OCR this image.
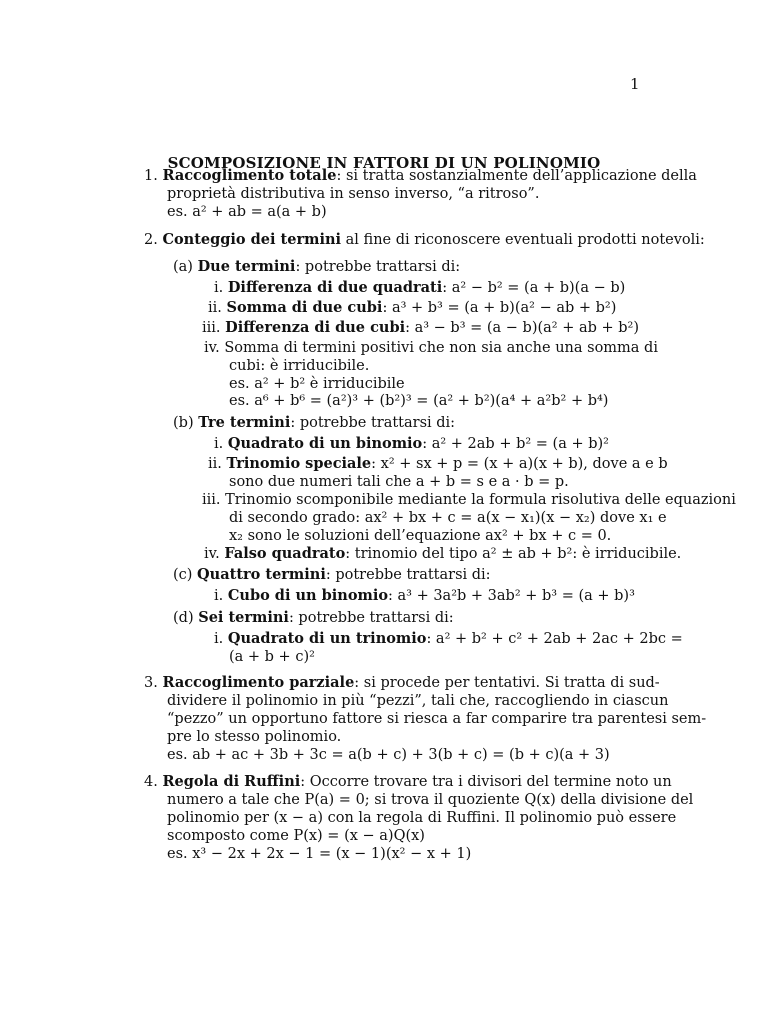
1
SCOMPOSIZIONE IN FATTORI DI UN POLINOMIO
1. Raccoglimento totale: si tratta sostanzialmente dell’applicazione della
proprietà distributiva in senso inverso, “a ritroso”.
es. a² + ab = a(a + b)
2. Conteggio dei termini al fine di riconoscere eventuali prodotti notevoli:
(a) Due termini: potrebbe trattarsi di:
i. Differenza di due quadrati: a² − b² = (a + b)(a − b)
ii. Somma di due cubi: a³ + b³ = (a + b)(a² − ab + b²)
iii. Differenza di due cubi: a³ − b³ = (a − b)(a² + ab + b²)
iv. Somma di termini positivi che non sia anche una somma di
cubi: è irriducibile.
es. a² + b² è irriducibile
es. a⁶ + b⁶ = (a²)³ + (b²)³ = (a² + b²)(a⁴ + a²b² + b⁴)
(b) Tre termini: potrebbe trattarsi di:
i. Quadrato di un binomio: a² + 2ab + b² = (a + b)²
ii. Trinomio speciale: x² + sx + p = (x + a)(x + b), dove a e b
sono due numeri tali che a + b = s e a · b = p.
iii. Trinomio scomponibile mediante la formula risolutiva delle equazioni
di secondo grado: ax² + bx + c = a(x − x₁)(x − x₂) dove x₁ e
x₂ sono le soluzioni dell’equazione ax² + bx + c = 0.
iv. Falso quadrato: trinomio del tipo a² ± ab + b²: è irriducibile.
(c) Quattro termini: potrebbe trattarsi di:
i. Cubo di un binomio: a³ + 3a²b + 3ab² + b³ = (a + b)³
(d) Sei termini: potrebbe trattarsi di:
i. Quadrato di un trinomio: a² + b² + c² + 2ab + 2ac + 2bc =
(a + b + c)²
3. Raccoglimento parziale: si procede per tentativi. Si tratta di sud-
dividere il polinomio in più “pezzi”, tali che, raccogliendo in ciascun
“pezzo” un opportuno fattore si riesca a far comparire tra parentesi sem-
pre lo stesso polinomio.
es. ab + ac + 3b + 3c = a(b + c) + 3(b + c) = (b + c)(a + 3)
4. Regola di Ruffini: Occorre trovare tra i divisori del termine noto un
numero a tale che P(a) = 0; si trova il quoziente Q(x) della divisione del
polinomio per (x − a) con la regola di Ruffini. Il polinomio può essere
scomposto come P(x) = (x − a)Q(x)
es. x³ − 2x + 2x − 1 = (x − 1)(x² − x + 1)
